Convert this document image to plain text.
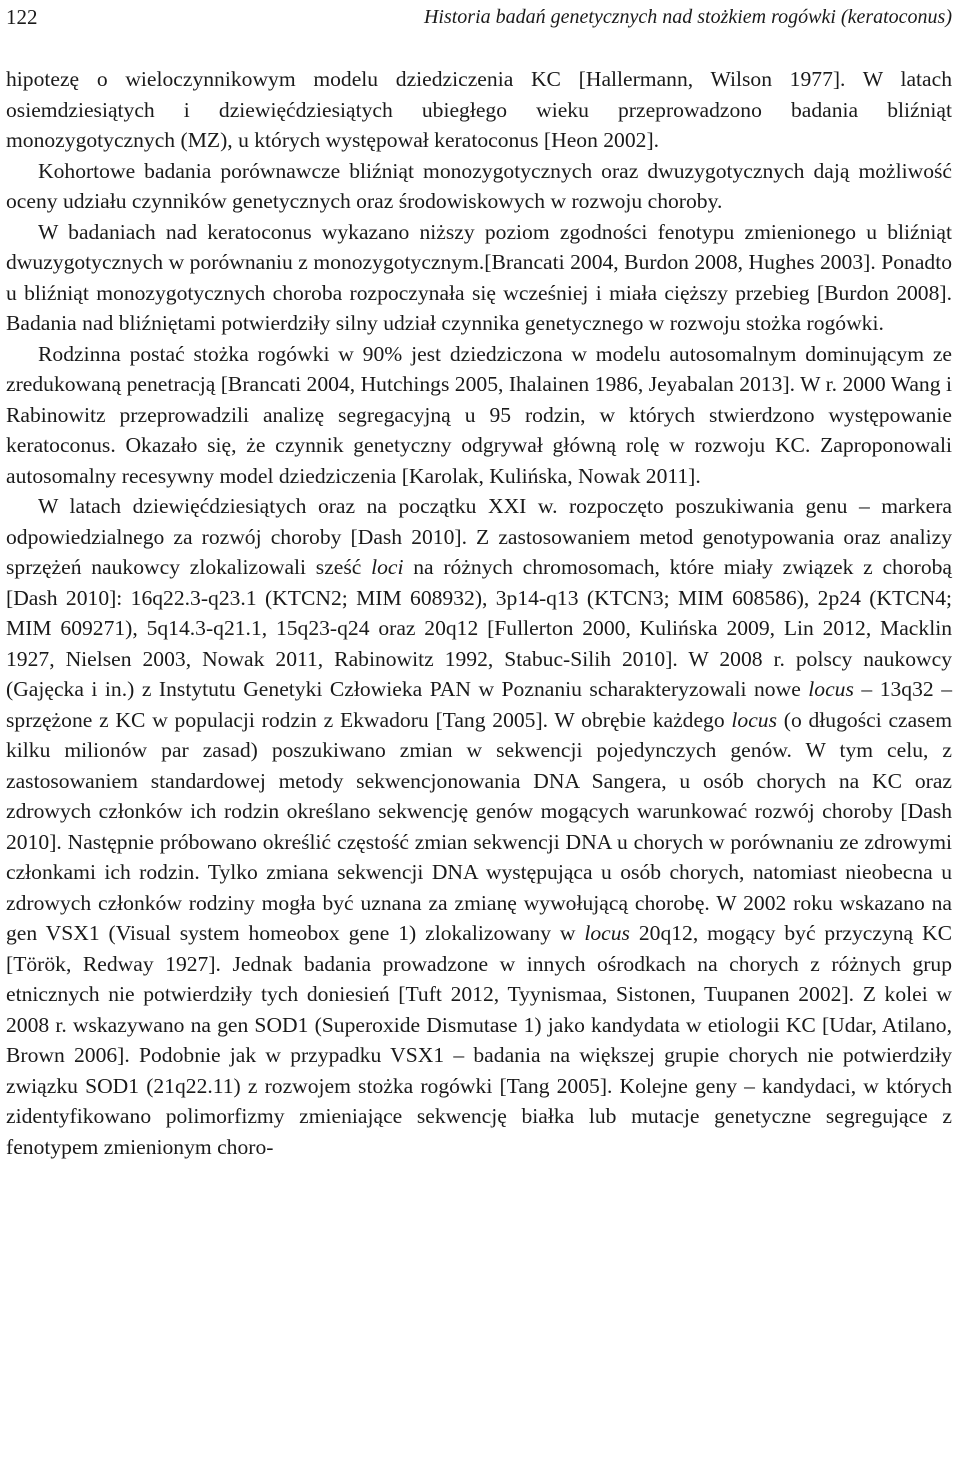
122	Historia badań genetycznych nad stożkiem rogówki (keratoconus)

hipotezę o wieloczynnikowym modelu dziedziczenia KC [Hallermann, Wilson 1977]. W latach osiemdziesiątych i dziewięćdziesiątych ubiegłego wieku przeprowadzono badania bliźniąt monozygotycznych (MZ), u których występował keratoconus [Heon 2002].

Kohortowe badania porównawcze bliźniąt monozygotycznych oraz dwuzygotycznych dają możliwość oceny udziału czynników genetycznych oraz środowiskowych w rozwoju choroby.

W badaniach nad keratoconus wykazano niższy poziom zgodności fenotypu zmienionego u bliźniąt dwuzygotycznych w porównaniu z monozygotycznym.[Brancati 2004, Burdon 2008, Hughes 2003]. Ponadto u bliźniąt monozygotycznych choroba rozpoczynała się wcześniej i miała cięższy przebieg [Burdon 2008]. Badania nad bliźniętami potwierdziły silny udział czynnika genetycznego w rozwoju stożka rogówki.

Rodzinna postać stożka rogówki w 90% jest dziedziczona w modelu autosomalnym dominującym ze zredukowaną penetracją [Brancati 2004, Hutchings 2005, Ihalainen 1986, Jeyabalan 2013]. W r. 2000 Wang i Rabinowitz przeprowadzili analizę segregacyjną u 95 rodzin, w których stwierdzono występowanie keratoconus. Okazało się, że czynnik genetyczny odgrywał główną rolę w rozwoju KC. Zaproponowali autosomalny recesywny model dziedziczenia [Karolak, Kulińska, Nowak 2011].

W latach dziewięćdziesiątych oraz na początku XXI w. rozpoczęto poszukiwania genu – markera odpowiedzialnego za rozwój choroby [Dash 2010]. Z zastosowaniem metod genotypowania oraz analizy sprzężeń naukowcy zlokalizowali sześć loci na różnych chromosomach, które miały związek z chorobą [Dash 2010]: 16q22.3-q23.1 (KTCN2; MIM 608932), 3p14-q13 (KTCN3; MIM 608586), 2p24 (KTCN4; MIM 609271), 5q14.3-q21.1, 15q23-q24 oraz 20q12 [Fullerton 2000, Kulińska 2009, Lin 2012, Macklin 1927, Nielsen 2003, Nowak 2011, Rabinowitz 1992, Stabuc-Silih 2010]. W 2008 r. polscy naukowcy (Gajęcka i in.) z Instytutu Genetyki Człowieka PAN w Poznaniu scharakteryzowali nowe locus – 13q32 – sprzężone z KC w populacji rodzin z Ekwadoru [Tang 2005]. W obrębie każdego locus (o długości czasem kilku milionów par zasad) poszukiwano zmian w sekwencji pojedynczych genów. W tym celu, z zastosowaniem standardowej metody sekwencjonowania DNA Sangera, u osób chorych na KC oraz zdrowych członków ich rodzin określano sekwencję genów mogących warunkować rozwój choroby [Dash 2010]. Następnie próbowano określić częstość zmian sekwencji DNA u chorych w porównaniu ze zdrowymi członkami ich rodzin. Tylko zmiana sekwencji DNA występująca u osób chorych, natomiast nieobecna u zdrowych członków rodziny mogła być uznana za zmianę wywołującą chorobę. W 2002 roku wskazano na gen VSX1 (Visual system homeobox gene 1) zlokalizowany w locus 20q12, mogący być przyczyną KC [Török, Redway 1927]. Jednak badania prowadzone w innych ośrodkach na chorych z różnych grup etnicznych nie potwierdziły tych doniesień [Tuft 2012, Tyynismaa, Sistonen, Tuupanen 2002]. Z kolei w 2008 r. wskazywano na gen SOD1 (Superoxide Dismutase 1) jako kandydata w etiologii KC [Udar, Atilano, Brown 2006]. Podobnie jak w przypadku VSX1 – badania na większej grupie chorych nie potwierdziły związku SOD1 (21q22.11) z rozwojem stożka rogówki [Tang 2005]. Kolejne geny – kandydaci, w których zidentyfikowano polimorfizmy zmieniające sekwencję białka lub mutacje genetyczne segregujące z fenotypem zmienionym choro-
